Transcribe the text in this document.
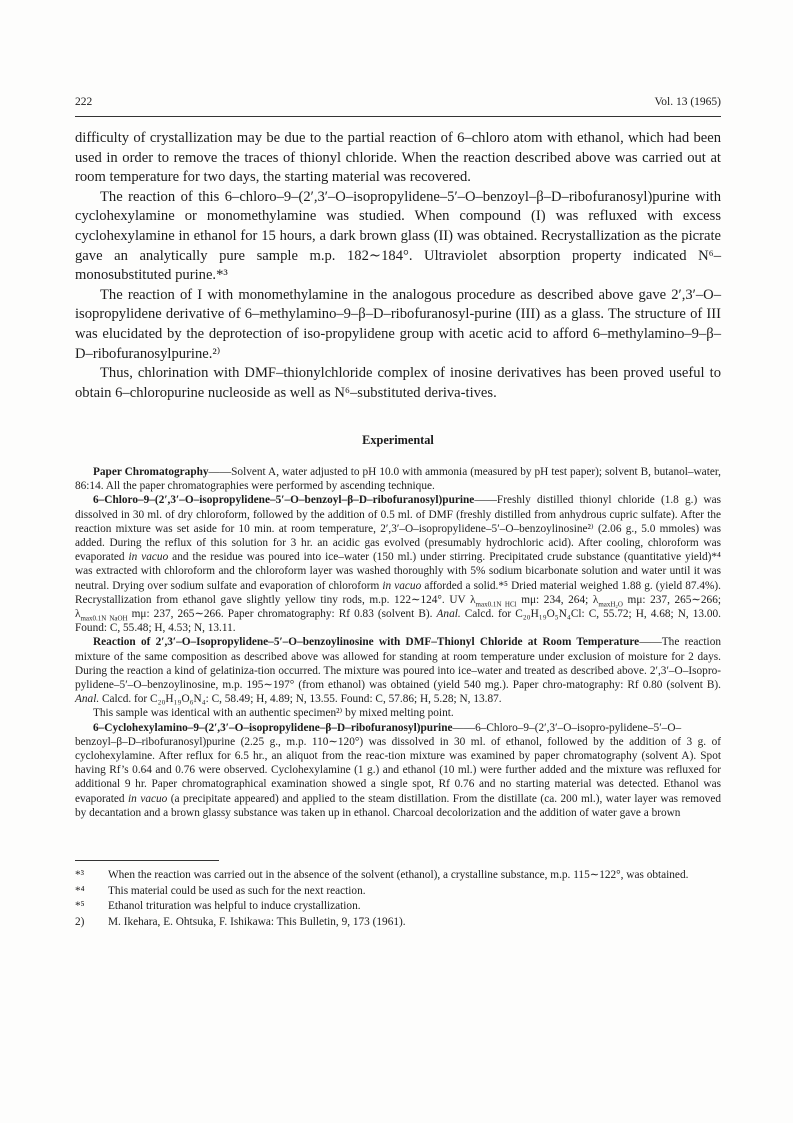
222	Vol. 13 (1965)

difficulty of crystallization may be due to the partial reaction of 6–chloro atom with ethanol, which had been used in order to remove the traces of thionyl chloride. When the reaction described above was carried out at room temperature for two days, the starting material was recovered.

The reaction of this 6–chloro–9–(2′,3′–O–isopropylidene–5′–O–benzoyl–β–D–ribofuranosyl)purine with cyclohexylamine or monomethylamine was studied. When compound (I) was refluxed with excess cyclohexylamine in ethanol for 15 hours, a dark brown glass (II) was obtained. Recrystallization as the picrate gave an analytically pure sample m.p. 182∼184°. Ultraviolet absorption property indicated N⁶–monosubstituted purine.*³

The reaction of I with monomethylamine in the analogous procedure as described above gave 2′,3′–O–isopropylidene derivative of 6–methylamino–9–β–D–ribofuranosyl-purine (III) as a glass. The structure of III was elucidated by the deprotection of iso-propylidene group with acetic acid to afford 6–methylamino–9–β–D–ribofuranosylpurine.²⁾

Thus, chlorination with DMF–thionylchloride complex of inosine derivatives has been proved useful to obtain 6–chloropurine nucleoside as well as N⁶–substituted deriva-tives.

Experimental

Paper Chromatography——Solvent A, water adjusted to pH 10.0 with ammonia (measured by pH test paper); solvent B, butanol–water, 86:14. All the paper chromatographies were performed by ascending technique.

6–Chloro–9–(2′,3′–O–isopropylidene–5′–O–benzoyl–β–D–ribofuranosyl)purine——Freshly distilled thionyl chloride (1.8 g.) was dissolved in 30 ml. of dry chloroform, followed by the addition of 0.5 ml. of DMF (freshly distilled from anhydrous cupric sulfate). After the reaction mixture was set aside for 10 min. at room temperature, 2′,3′–O–isopropylidene–5′–O–benzoylinosine²⁾ (2.06 g., 5.0 mmoles) was added. During the reflux of this solution for 3 hr. an acidic gas evolved (presumably hydrochloric acid). After cooling, chloroform was evaporated in vacuo and the residue was poured into ice–water (150 ml.) under stirring. Precipitated crude substance (quantitative yield)*⁴ was extracted with chloroform and the chloroform layer was washed thoroughly with 5% sodium bicarbonate solution and water until it was neutral. Drying over sodium sulfate and evaporation of chloroform in vacuo afforded a solid.*⁵ Dried material weighed 1.88 g. (yield 87.4%). Recrystallization from ethanol gave slightly yellow tiny rods, m.p. 122∼124°. UV $\lambda_{max0.1N HCl}$ mμ: 234, 264; $\lambda_{maxH_2O}$ mμ: 237, 265∼266; $\lambda_{max0.1N NaOH}$ mμ: 237, 265∼266. Paper chromatography: Rf 0.83 (solvent B). Anal. Calcd. for C₂₀H₁₉O₅N₄Cl: C, 55.72; H, 4.68; N, 13.00. Found: C, 55.48; H, 4.53; N, 13.11.

Reaction of 2′,3′–O–Isopropylidene–5′–O–benzoylinosine with DMF–Thionyl Chloride at Room Temperature——The reaction mixture of the same composition as described above was allowed for standing at room temperature under exclusion of moisture for 2 days. During the reaction a kind of gelatiniza-tion occurred. The mixture was poured into ice–water and treated as described above. 2′,3′–O–Isopro-pylidene–5′–O–benzoylinosine, m.p. 195∼197° (from ethanol) was obtained (yield 540 mg.). Paper chro-matography: Rf 0.80 (solvent B). Anal. Calcd. for C₂₀H₁₉O₆N₄: C, 58.49; H, 4.89; N, 13.55. Found: C, 57.86; H, 5.28; N, 13.87.

This sample was identical with an authentic specimen²⁾ by mixed melting point.

6–Cyclohexylamino–9–(2′,3′–O–isopropylidene–β–D–ribofuranosyl)purine——6–Chloro–9–(2′,3′–O–isopro-pylidene–5′–O–benzoyl–β–D–ribofuranosyl)purine (2.25 g., m.p. 110∼120°) was dissolved in 30 ml. of ethanol, followed by the addition of 3 g. of cyclohexylamine. After reflux for 6.5 hr., an aliquot from the reac-tion mixture was examined by paper chromatography (solvent A). Spot having Rf’s 0.64 and 0.76 were observed. Cyclohexylamine (1 g.) and ethanol (10 ml.) were further added and the mixture was refluxed for additional 9 hr. Paper chromatographical examination showed a single spot, Rf 0.76 and no starting material was detected. Ethanol was evaporated in vacuo (a precipitate appeared) and applied to the steam distillation. From the distillate (ca. 200 ml.), water layer was removed by decantation and a brown glassy substance was taken up in ethanol. Charcoal decolorization and the addition of water gave a brown

*³	When the reaction was carried out in the absence of the solvent (ethanol), a crystalline substance, m.p. 115∼122°, was obtained.
*⁴	This material could be used as such for the next reaction.
*⁵	Ethanol trituration was helpful to induce crystallization.
2)	M. Ikehara, E. Ohtsuka, F. Ishikawa: This Bulletin, 9, 173 (1961).
